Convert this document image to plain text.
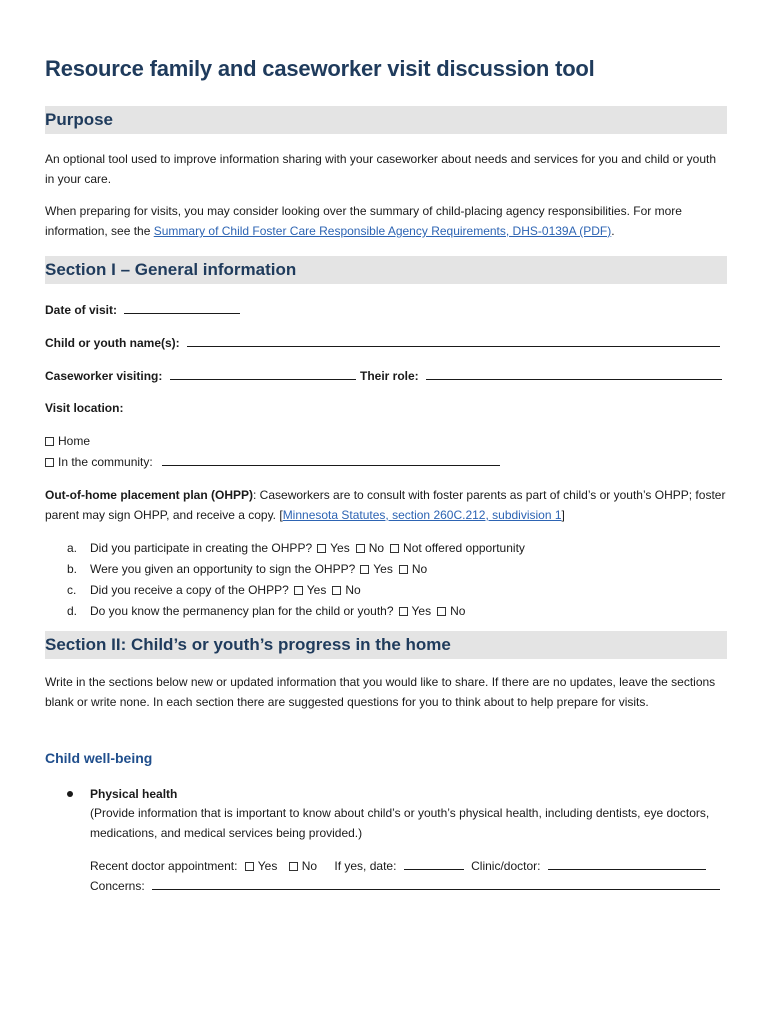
Resource family and caseworker visit discussion tool
Purpose
An optional tool used to improve information sharing with your caseworker about needs and services for you and child or youth in your care.
When preparing for visits, you may consider looking over the summary of child-placing agency responsibilities. For more information, see the Summary of Child Foster Care Responsible Agency Requirements, DHS-0139A (PDF).
Section I – General information
Date of visit:
Child or youth name(s):
Caseworker visiting:	Their role:
Visit location:
Home
In the community:
Out-of-home placement plan (OHPP): Caseworkers are to consult with foster parents as part of child’s or youth’s OHPP; foster parent may sign OHPP, and receive a copy. [Minnesota Statutes, section 260C.212, subdivision 1]
a. Did you participate in creating the OHPP? Yes No Not offered opportunity
b. Were you given an opportunity to sign the OHPP? Yes No
c. Did you receive a copy of the OHPP? Yes No
d. Do you know the permanency plan for the child or youth? Yes No
Section II: Child’s or youth’s progress in the home
Write in the sections below new or updated information that you would like to share. If there are no updates, leave the sections blank or write none. In each section there are suggested questions for you to think about to help prepare for visits.
Child well-being
Physical health
(Provide information that is important to know about child’s or youth’s physical health, including dentists, eye doctors, medications, and medical services being provided.)
Recent doctor appointment: Yes No If yes, date:	Clinic/doctor:
Concerns:
